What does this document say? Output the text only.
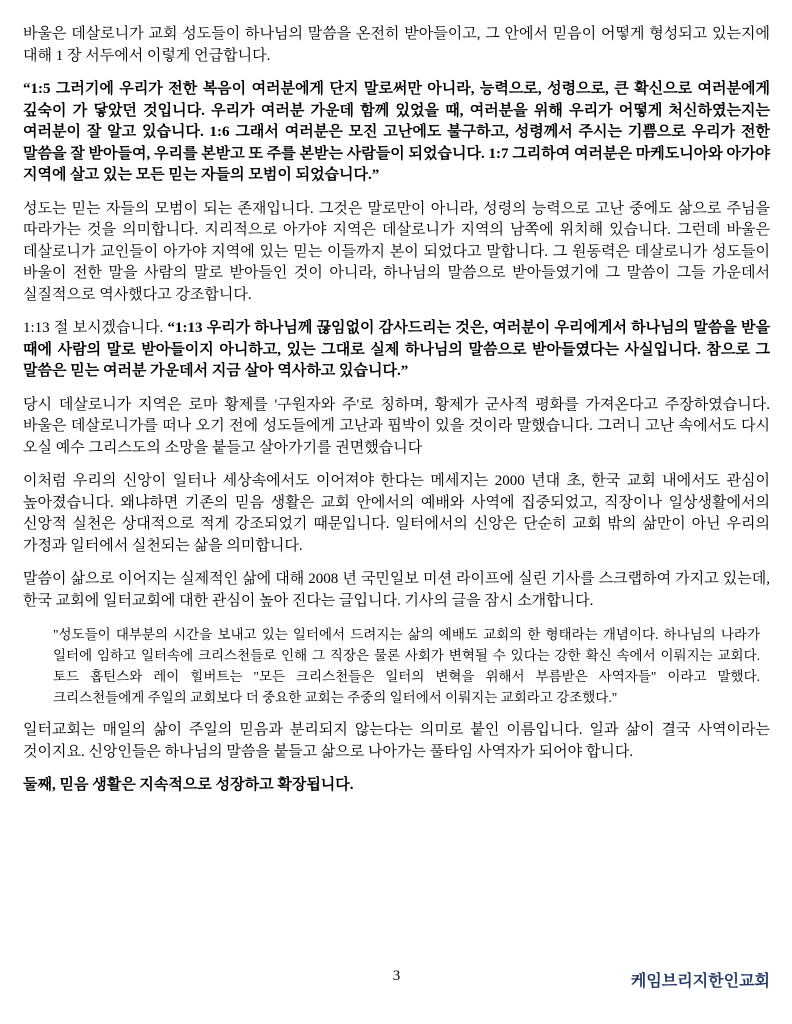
바울은 데살로니가 교회 성도들이 하나님의 말씀을 온전히 받아들이고, 그 안에서 믿음이 어떻게 형성되고 있는지에 대해 1 장 서두에서 이렇게 언급합니다.

“1:5 그러기에 우리가 전한 복음이 여러분에게 단지 말로써만 아니라, 능력으로, 성령으로, 큰 확신으로 여러분에게 깊숙이 가 닿았던 것입니다. 우리가 여러분 가운데 함께 있었을 때, 여러분을 위해 우리가 어떻게 처신하였는지는 여러분이 잘 알고 있습니다. 1:6 그래서 여러분은 모진 고난에도 불구하고, 성령께서 주시는 기쁨으로 우리가 전한 말씀을 잘 받아들여, 우리를 본받고 또 주를 본받는 사람들이 되었습니다. 1:7 그리하여 여러분은 마케도니아와 아가야 지역에 살고 있는 모든 믿는 자들의 모범이 되었습니다.”

성도는 믿는 자들의 모범이 되는 존재입니다. 그것은 말로만이 아니라, 성령의 능력으로 고난 중에도 삶으로 주님을 따라가는 것을 의미합니다. 지리적으로 아가야 지역은 데살로니가 지역의 남쪽에 위치해 있습니다. 그런데 바울은 데살로니가 교인들이 아가야 지역에 있는 믿는 이들까지 본이 되었다고 말합니다. 그 원동력은 데살로니가 성도들이 바울이 전한 말을 사람의 말로 받아들인 것이 아니라, 하나님의 말씀으로 받아들였기에 그 말씀이 그들 가운데서 실질적으로 역사했다고 강조합니다.

1:13 절 보시겠습니다. “1:13 우리가 하나님께 끊임없이 감사드리는 것은, 여러분이 우리에게서 하나님의 말씀을 받을 때에 사람의 말로 받아들이지 아니하고, 있는 그대로 실제 하나님의 말씀으로 받아들였다는 사실입니다. 참으로 그 말씀은 믿는 여러분 가운데서 지금 살아 역사하고 있습니다.”

당시 데살로니가 지역은 로마 황제를 '구원자와 주'로 칭하며, 황제가 군사적 평화를 가져온다고 주장하였습니다. 바울은 데살로니가를 떠나 오기 전에 성도들에게 고난과 핍박이 있을 것이라 말했습니다. 그러니 고난 속에서도 다시 오실 예수 그리스도의 소망을 붙들고 살아가기를 권면했습니다

이처럼 우리의 신앙이 일터나 세상속에서도 이어져야 한다는 메세지는 2000 년대 초, 한국 교회 내에서도 관심이 높아졌습니다. 왜냐하면 기존의 믿음 생활은 교회 안에서의 예배와 사역에 집중되었고, 직장이나 일상생활에서의 신앙적 실천은 상대적으로 적게 강조되었기 때문입니다. 일터에서의 신앙은 단순히 교회 밖의 삶만이 아닌 우리의 가정과 일터에서 실천되는 삶을 의미합니다.

말씀이 삶으로 이어지는 실제적인 삶에 대해 2008 년 국민일보 미션 라이프에 실린 기사를 스크랩하여 가지고 있는데, 한국 교회에 일터교회에 대한 관심이 높아 진다는 글입니다. 기사의 글을 잠시 소개합니다.

"성도들이 대부분의 시간을 보내고 있는 일터에서 드려지는 삶의 예배도 교회의 한 형태라는 개념이다. 하나님의 나라가 일터에 임하고 일터속에 크리스천들로 인해 그 직장은 물론 사회가 변혁될 수 있다는 강한 확신 속에서 이뤄지는 교회다. 토드 홉틴스와 레이 힐버트는 "모든 크리스천들은 일터의 변혁을 위해서 부름받은 사역자들" 이라고 말했다. 크리스천들에게 주일의 교회보다 더 중요한 교회는 주중의 일터에서 이뤄지는 교회라고 강조했다."

일터교회는 매일의 삶이 주일의 믿음과 분리되지 않는다는 의미로 붙인 이름입니다. 일과 삶이 결국 사역이라는 것이지요. 신앙인들은 하나님의 말씀을 붙들고 삶으로 나아가는 풀타임 사역자가 되어야 합니다.

둘째, 믿음 생활은 지속적으로 성장하고 확장됩니다.

3	케임브리지한인교회
